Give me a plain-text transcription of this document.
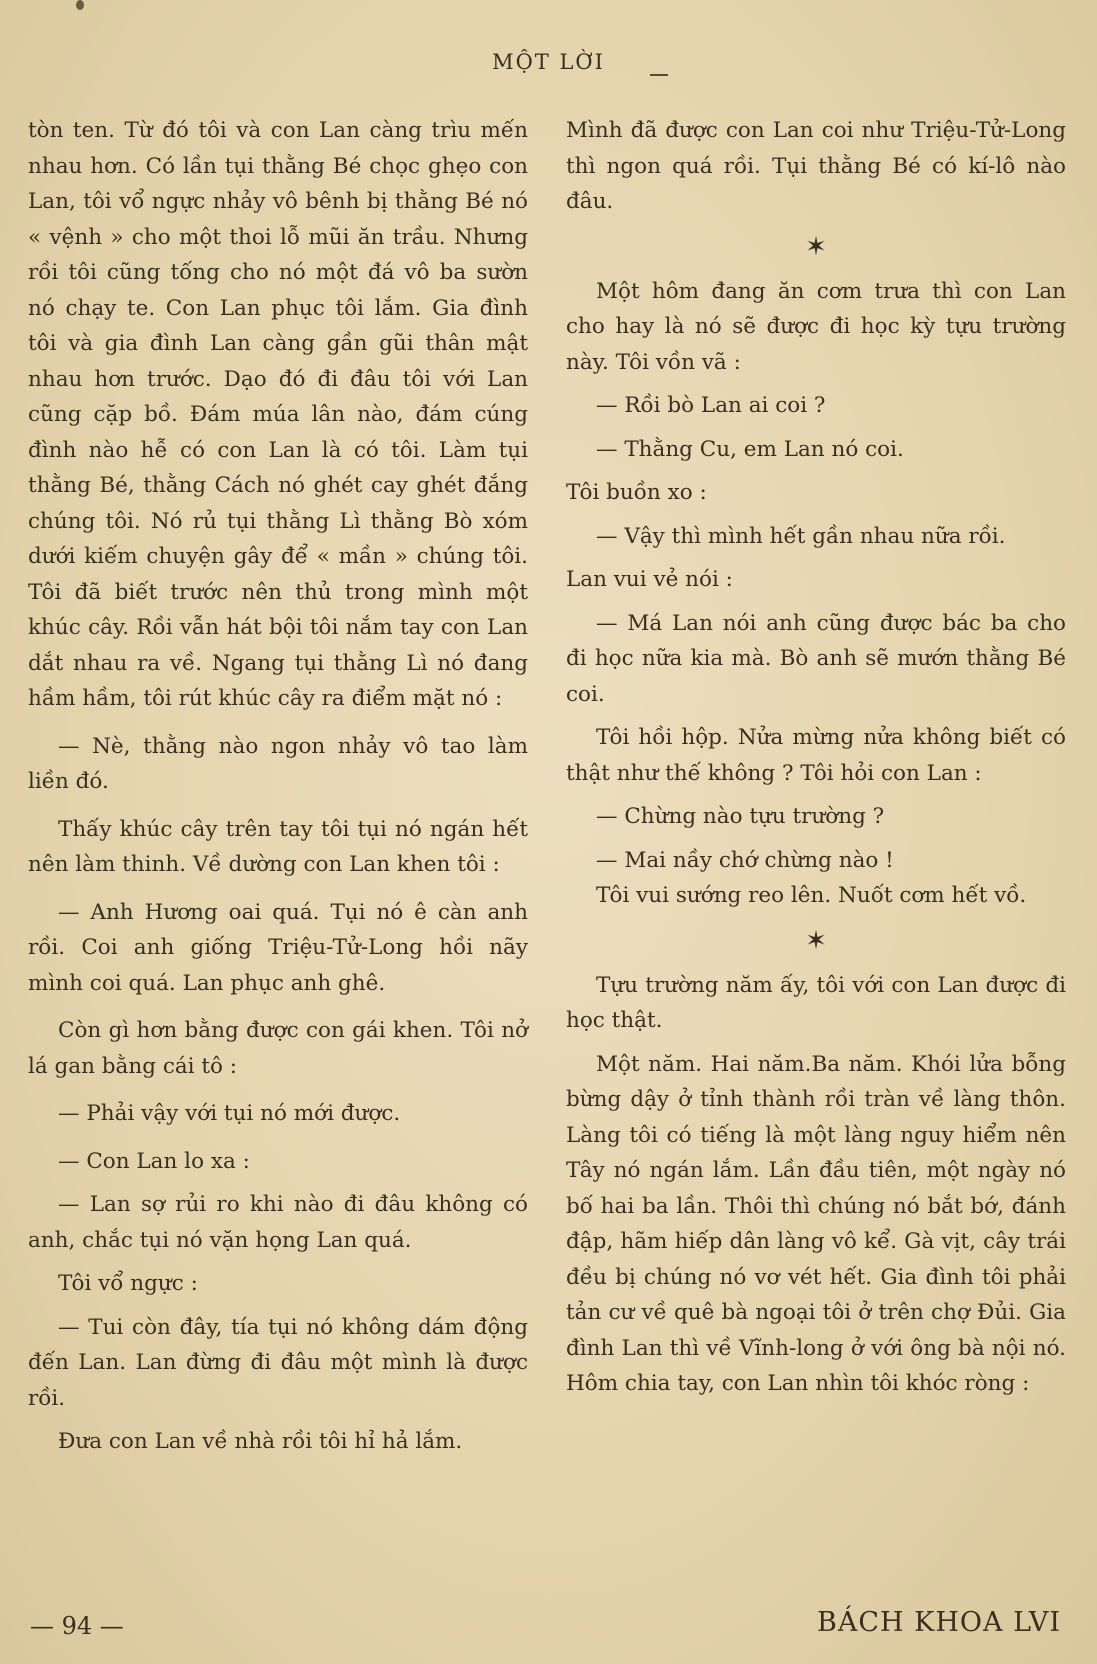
MỘT LỜI

tòn ten. Từ đó tôi và con Lan càng trìu mến nhau hơn. Có lần tụi thằng Bé chọc ghẹo con Lan, tôi vổ ngực nhảy vô bênh bị thằng Bé nó « vệnh » cho một thoi lỗ mũi ăn trầu. Nhưng rồi tôi cũng tống cho nó một đá vô ba sườn nó chạy te. Con Lan phục tôi lắm. Gia đình tôi và gia đình Lan càng gần gũi thân mật nhau hơn trước. Dạo đó đi đâu tôi với Lan cũng cặp bồ. Đám múa lân nào, đám cúng đình nào hễ có con Lan là có tôi. Làm tụi thằng Bé, thằng Cách nó ghét cay ghét đắng chúng tôi. Nó rủ tụi thằng Lì thằng Bò xóm dưới kiếm chuyện gây để « mần » chúng tôi. Tôi đã biết trước nên thủ trong mình một khúc cây. Rồi vẫn hát bội tôi nắm tay con Lan dắt nhau ra về. Ngang tụi thằng Lì nó đang hầm hầm, tôi rút khúc cây ra điểm mặt nó :

— Nè, thằng nào ngon nhảy vô tao làm liền đó.

Thấy khúc cây trên tay tôi tụi nó ngán hết nên làm thinh. Về dường con Lan khen tôi :

— Anh Hương oai quá. Tụi nó ê càn anh rồi. Coi anh giống Triệu-Tử-Long hồi nãy mình coi quá. Lan phục anh ghê.

Còn gì hơn bằng được con gái khen. Tôi nở lá gan bằng cái tô :

— Phải vậy với tụi nó mới được.

— Con Lan lo xa :

— Lan sợ rủi ro khi nào đi đâu không có anh, chắc tụi nó vặn họng Lan quá.

Tôi vổ ngực :

— Tui còn đây, tía tụi nó không dám động đến Lan. Lan đừng đi đâu một mình là được rồi.

Đưa con Lan về nhà rồi tôi hỉ hả lắm.

Mình đã được con Lan coi như Triệu-Tử-Long thì ngon quá rồi. Tụi thằng Bé có kí-lô nào đâu.

✶

Một hôm đang ăn cơm trưa thì con Lan cho hay là nó sẽ được đi học kỳ tựu trường này. Tôi vồn vã :

— Rồi bò Lan ai coi ?

— Thằng Cu, em Lan nó coi.

Tôi buồn xo :

— Vậy thì mình hết gần nhau nữa rồi.

Lan vui vẻ nói :

— Má Lan nói anh cũng được bác ba cho đi học nữa kia mà. Bò anh sẽ mướn thằng Bé coi.

Tôi hồi hộp. Nửa mừng nửa không biết có thật như thế không ? Tôi hỏi con Lan :

— Chừng nào tựu trường ?

— Mai nầy chớ chừng nào !

Tôi vui sướng reo lên. Nuốt cơm hết vồ.

✶

Tựu trường năm ấy, tôi với con Lan được đi học thật.

Một năm. Hai năm.Ba năm. Khói lửa bỗng bừng dậy ở tỉnh thành rồi tràn về làng thôn. Làng tôi có tiếng là một làng nguy hiểm nên Tây nó ngán lắm. Lần đầu tiên, một ngày nó bố hai ba lần. Thôi thì chúng nó bắt bớ, đánh đập, hãm hiếp dân làng vô kể. Gà vịt, cây trái đều bị chúng nó vơ vét hết. Gia đình tôi phải tản cư về quê bà ngoại tôi ở trên chợ Đủi. Gia đình Lan thì về Vĩnh-long ở với ông bà nội nó. Hôm chia tay, con Lan nhìn tôi khóc ròng :

— 94 —	BÁCH KHOA LVI
